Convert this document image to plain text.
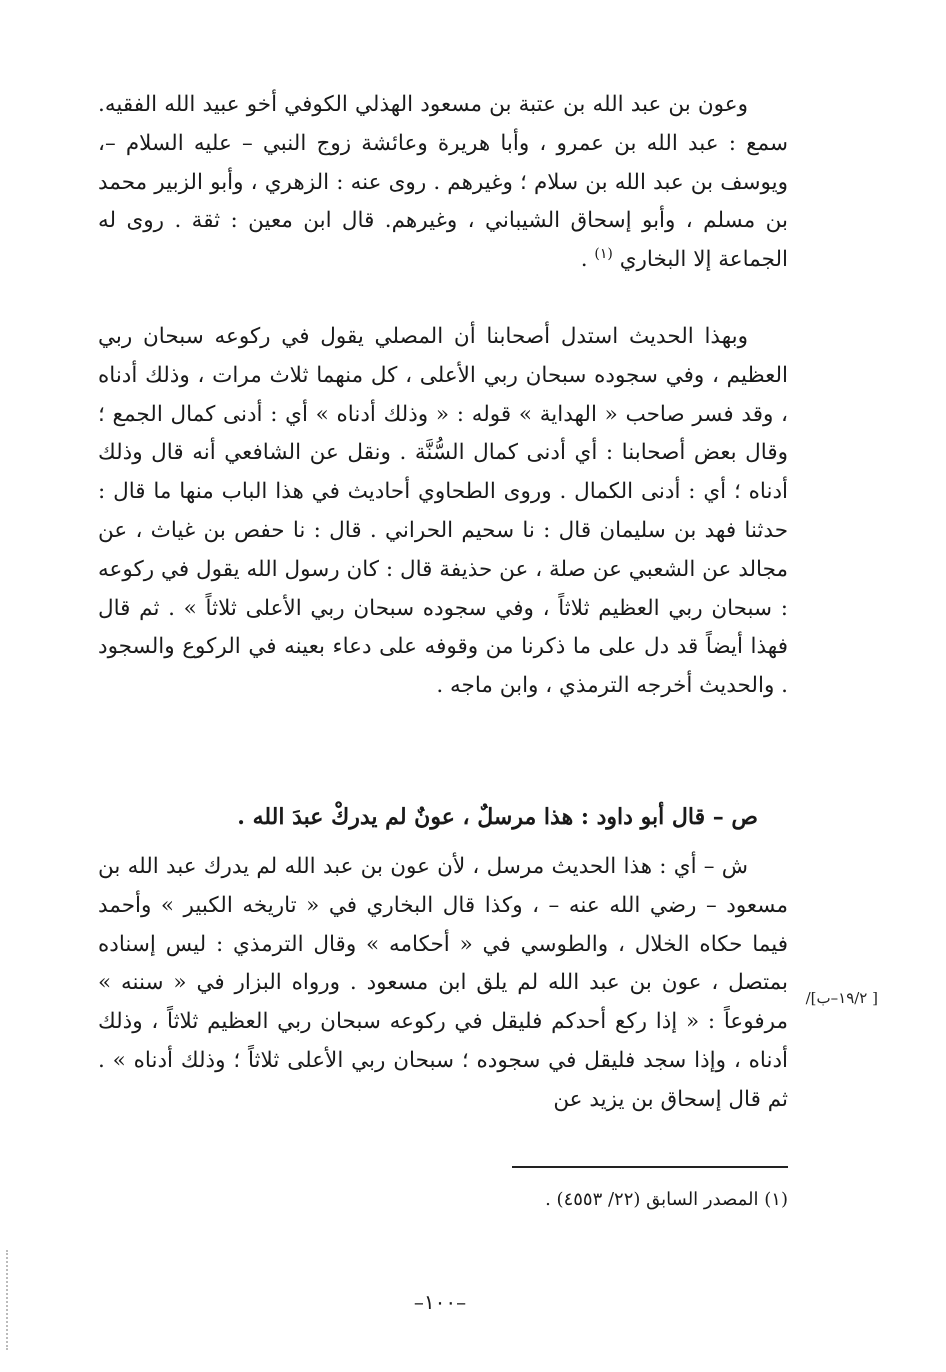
وعون بن عبد الله بن عتبة بن مسعود الهذلي الكوفي أخو عبيد الله الفقيه. سمع : عبد الله بن عمرو ، وأبا هريرة وعائشة زوج النبي – عليه السلام –، ويوسف بن عبد الله بن سلام ؛ وغيرهم . روى عنه : الزهري ، وأبو الزبير محمد بن مسلم ، وأبو إسحاق الشيباني ، وغيرهم. قال ابن معين : ثقة . روى له الجماعة إلا البخاري $^{(١)}$ .
وبهذا الحديث استدل أصحابنا أن المصلي يقول في ركوعه سبحان ربي العظيم ، وفي سجوده سبحان ربي الأعلى ، كل منهما ثلاث مرات ، وذلك أدناه ، وقد فسر صاحب « الهداية » قوله : « وذلك أدناه » أي : أدنى كمال الجمع ؛ وقال بعض أصحابنا : أي أدنى كمال السُّنَّة . ونقل عن الشافعي أنه قال وذلك أدناه ؛ أي : أدنى الكمال . وروى الطحاوي أحاديث في هذا الباب منها ما قال : حدثنا فهد بن سليمان قال : نا سحيم الحراني . قال : نا حفص بن غياث ، عن مجالد عن الشعبي عن صلة ، عن حذيفة قال : كان رسول الله يقول في ركوعه : سبحان ربي العظيم ثلاثاً ، وفي سجوده سبحان ربي الأعلى ثلاثاً » . ثم قال فهذا أيضاً قد دل على ما ذكرنا من وقوفه على دعاء بعينه في الركوع والسجود . والحديث أخرجه الترمذي ، وابن ماجه .
ص – قال أبو داود : هذا مرسلٌ ، عونٌ لم يدركْ عبدَ الله .
ش – أي : هذا الحديث مرسل ، لأن عون بن عبد الله لم يدرك عبد الله بن مسعود – رضي الله عنه – ، وكذا قال البخاري في « تاريخه الكبير » وأحمد فيما حكاه الخلال ، والطوسي في « أحكامه » وقال الترمذي : ليس إسناده بمتصل ، عون بن عبد الله لم يلق ابن مسعود . ورواه البزار في « سننه » مرفوعاً : « إذا ركع أحدكم فليقل في ركوعه سبحان ربي العظيم ثلاثاً ، وذلك أدناه ، وإذا سجد فليقل في سجوده ؛ سبحان ربي الأعلى ثلاثاً ؛ وذلك أدناه » . ثم قال إسحاق بن يزيد عن
[ ١٩/٢–ب]/
(١) المصدر السابق (٢٢/ ٤٥٥٣) .
–١٠٠–
